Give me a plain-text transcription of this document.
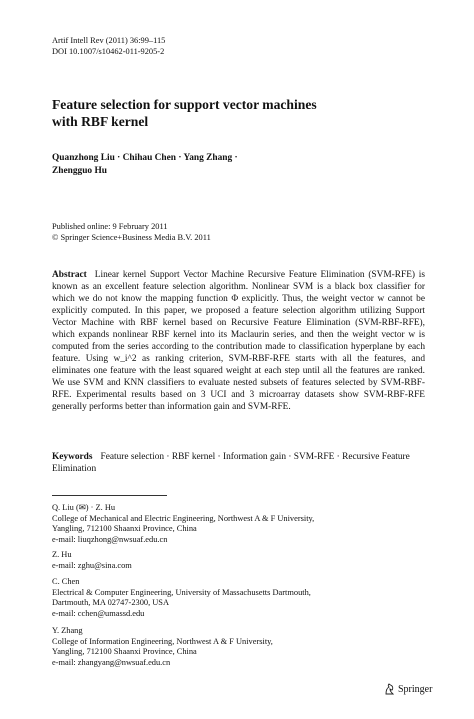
Artif Intell Rev (2011) 36:99–115
DOI 10.1007/s10462-011-9205-2
Feature selection for support vector machines
with RBF kernel
Quanzhong Liu · Chihau Chen · Yang Zhang ·
Zhengguo Hu
Published online: 9 February 2011
© Springer Science+Business Media B.V. 2011
Abstract Linear kernel Support Vector Machine Recursive Feature Elimination (SVM-RFE) is known as an excellent feature selection algorithm. Nonlinear SVM is a black box classifier for which we do not know the mapping function Φ explicitly. Thus, the weight vector w cannot be explicitly computed. In this paper, we proposed a feature selection algorithm utilizing Support Vector Machine with RBF kernel based on Recursive Feature Elimination (SVM-RBF-RFE), which expands nonlinear RBF kernel into its Maclaurin series, and then the weight vector w is computed from the series according to the contribution made to classification hyperplane by each feature. Using w_i^2 as ranking criterion, SVM-RBF-RFE starts with all the features, and eliminates one feature with the least squared weight at each step until all the features are ranked. We use SVM and KNN classifiers to evaluate nested subsets of features selected by SVM-RBF-RFE. Experimental results based on 3 UCI and 3 microarray datasets show SVM-RBF-RFE generally performs better than information gain and SVM-RFE.
Keywords Feature selection · RBF kernel · Information gain · SVM-RFE · Recursive Feature Elimination
Q. Liu (✉) · Z. Hu
College of Mechanical and Electric Engineering, Northwest A & F University,
Yangling, 712100 Shaanxi Province, China
e-mail: liuqzhong@nwsuaf.edu.cn
Z. Hu
e-mail: zghu@sina.com
C. Chen
Electrical & Computer Engineering, University of Massachusetts Dartmouth,
Dartmouth, MA 02747-2300, USA
e-mail: cchen@umassd.edu
Y. Zhang
College of Information Engineering, Northwest A & F University,
Yangling, 712100 Shaanxi Province, China
e-mail: zhangyang@nwsuaf.edu.cn
Springer
